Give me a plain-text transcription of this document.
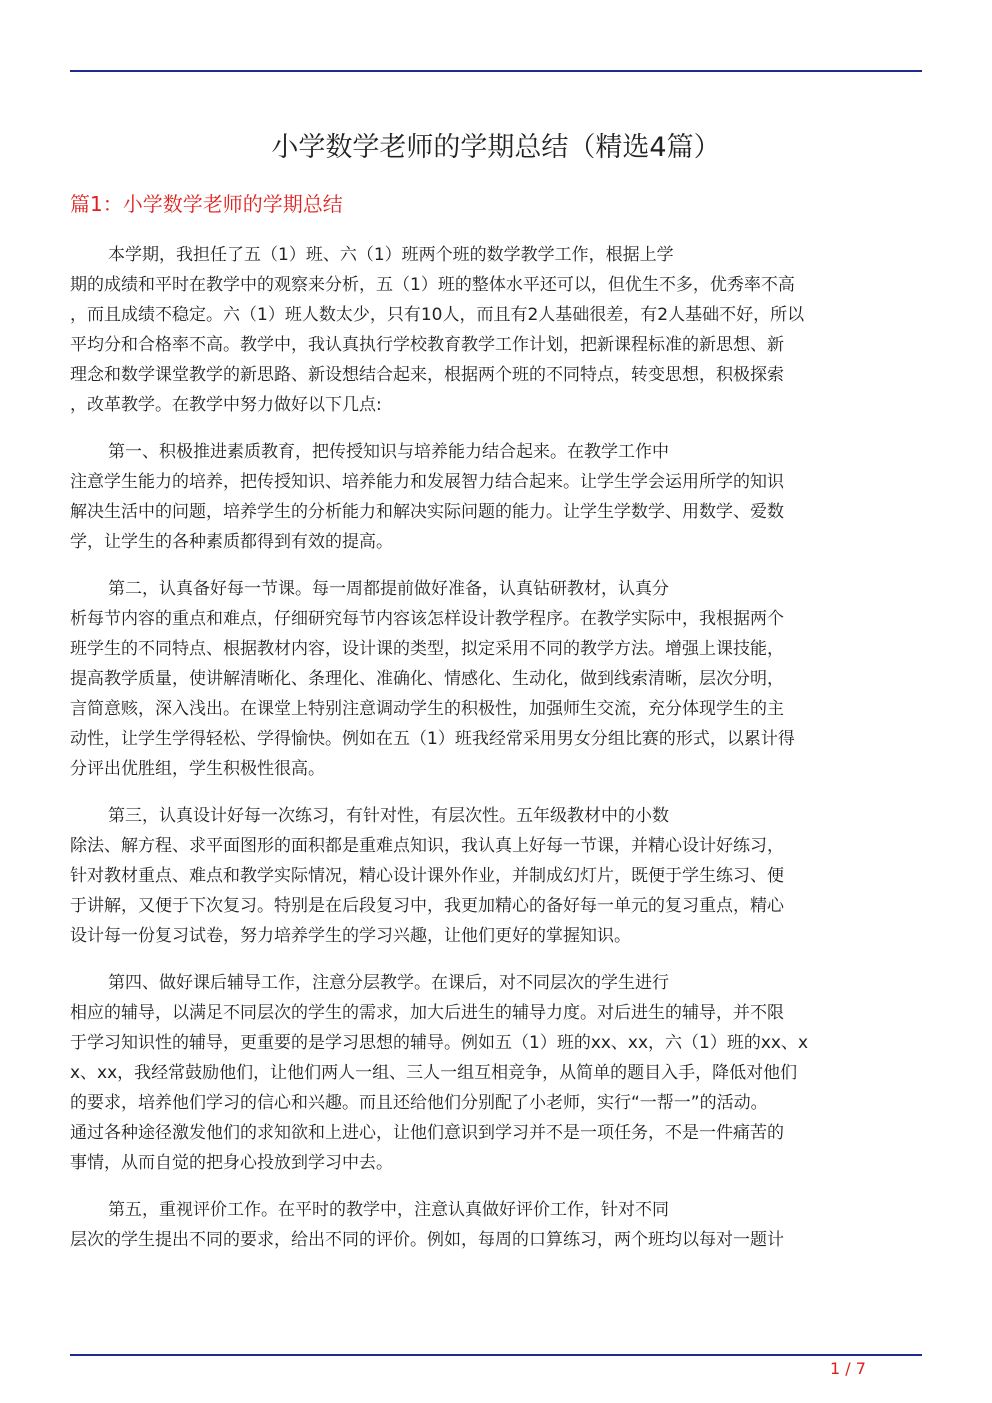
小学数学老师的学期总结（精选4篇）
篇1：小学数学老师的学期总结

本学期，我担任了五（1）班、六（1）班两个班的数学教学工作，根据上学
期的成绩和平时在教学中的观察来分析，五（1）班的整体水平还可以，但优生不多，优秀率不高
，而且成绩不稳定。六（1）班人数太少，只有10人，而且有2人基础很差，有2人基础不好，所以
平均分和合格率不高。教学中，我认真执行学校教育教学工作计划，把新课程标准的新思想、新
理念和数学课堂教学的新思路、新设想结合起来，根据两个班的不同特点，转变思想，积极探索
，改革教学。在教学中努力做好以下几点:

第一、积极推进素质教育，把传授知识与培养能力结合起来。在教学工作中
注意学生能力的培养，把传授知识、培养能力和发展智力结合起来。让学生学会运用所学的知识
解决生活中的问题，培养学生的分析能力和解决实际问题的能力。让学生学数学、用数学、爱数
学，让学生的各种素质都得到有效的提高。

第二，认真备好每一节课。每一周都提前做好准备，认真钻研教材，认真分
析每节内容的重点和难点，仔细研究每节内容该怎样设计教学程序。在教学实际中，我根据两个
班学生的不同特点、根据教材内容，设计课的类型，拟定采用不同的教学方法。增强上课技能，
提高教学质量，使讲解清晰化、条理化、准确化、情感化、生动化，做到线索清晰，层次分明，
言简意赅，深入浅出。在课堂上特别注意调动学生的积极性，加强师生交流，充分体现学生的主
动性，让学生学得轻松、学得愉快。例如在五（1）班我经常采用男女分组比赛的形式，以累计得
分评出优胜组，学生积极性很高。

第三，认真设计好每一次练习，有针对性，有层次性。五年级教材中的小数
除法、解方程、求平面图形的面积都是重难点知识，我认真上好每一节课，并精心设计好练习，
针对教材重点、难点和教学实际情况，精心设计课外作业，并制成幻灯片，既便于学生练习、便
于讲解，又便于下次复习。特别是在后段复习中，我更加精心的备好每一单元的复习重点，精心
设计每一份复习试卷，努力培养学生的学习兴趣，让他们更好的掌握知识。

第四、做好课后辅导工作，注意分层教学。在课后，对不同层次的学生进行
相应的辅导，以满足不同层次的学生的需求，加大后进生的辅导力度。对后进生的辅导，并不限
于学习知识性的辅导，更重要的是学习思想的辅导。例如五（1）班的xx、xx，六（1）班的xx、x
x、xx，我经常鼓励他们，让他们两人一组、三人一组互相竞争，从简单的题目入手，降低对他们
的要求，培养他们学习的信心和兴趣。而且还给他们分别配了小老师，实行“一帮一”的活动。
通过各种途径激发他们的求知欲和上进心，让他们意识到学习并不是一项任务，不是一件痛苦的
事情，从而自觉的把身心投放到学习中去。

第五，重视评价工作。在平时的教学中，注意认真做好评价工作，针对不同
层次的学生提出不同的要求，给出不同的评价。例如，每周的口算练习，两个班均以每对一题计

1 / 7
